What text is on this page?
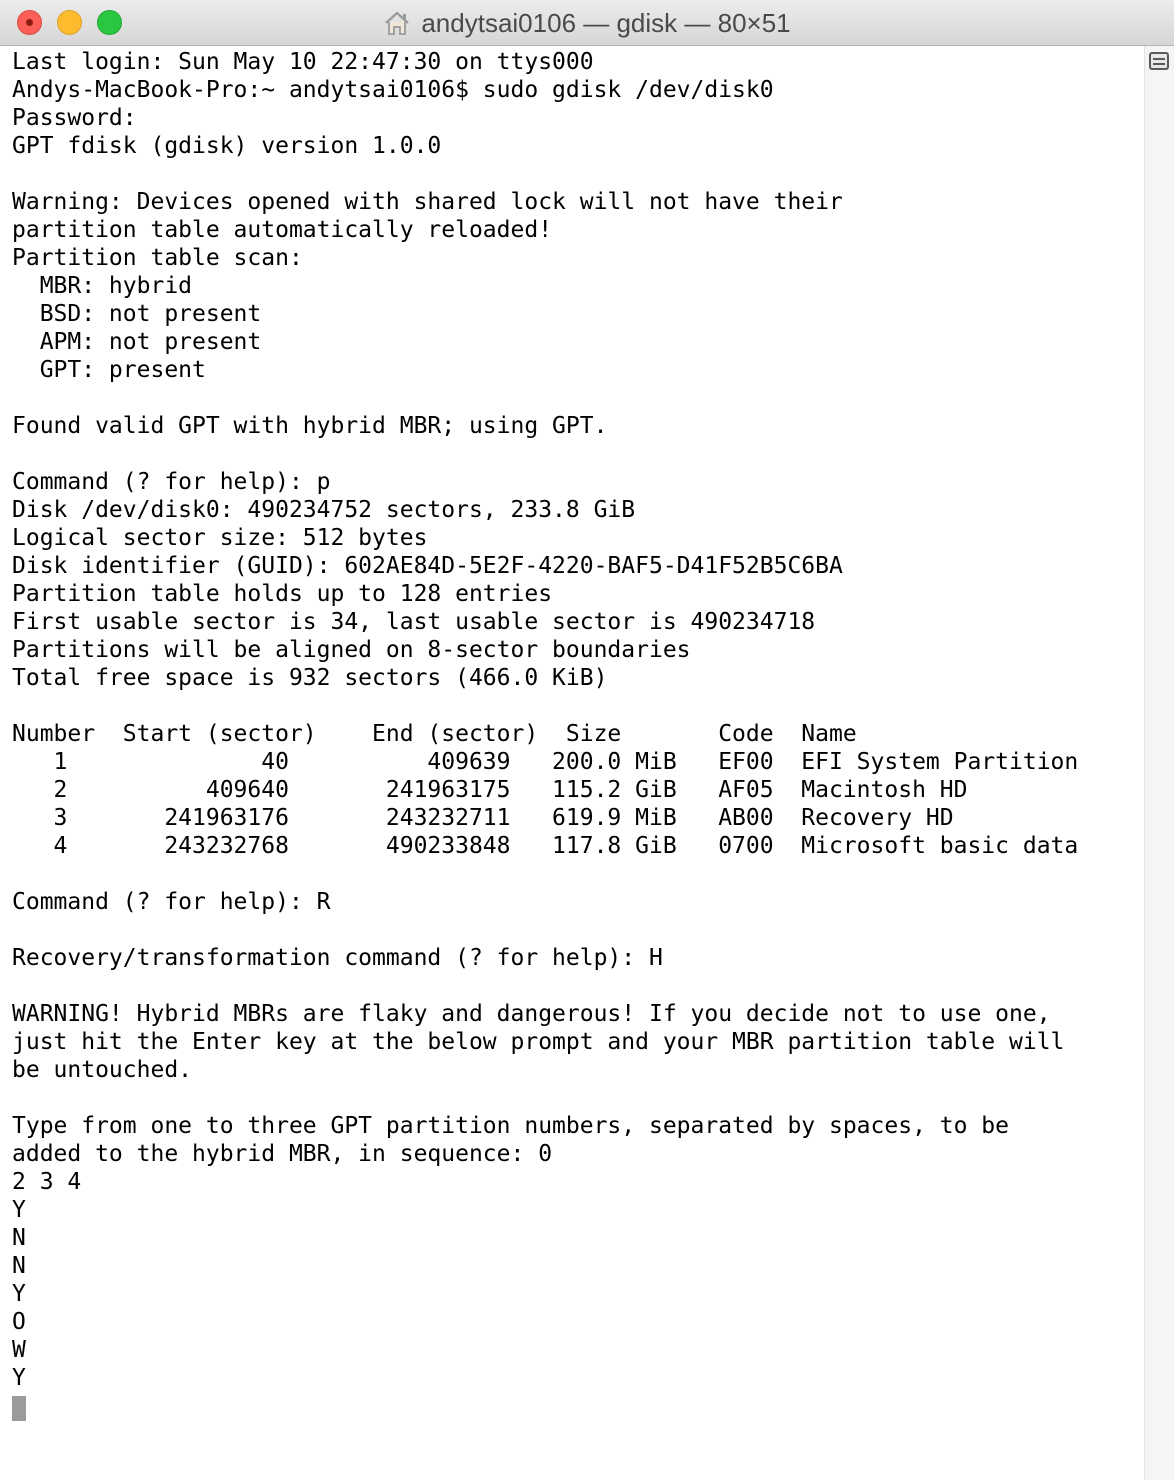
andytsai0106 — gdisk — 80×51
Last login: Sun May 10 22:47:30 on ttys000
Andys-MacBook-Pro:~ andytsai0106$ sudo gdisk /dev/disk0
Password:
GPT fdisk (gdisk) version 1.0.0
Warning: Devices opened with shared lock will not have their
partition table automatically reloaded!
Partition table scan:
MBR: hybrid
BSD: not present
APM: not present
GPT: present
Found valid GPT with hybrid MBR; using GPT.
Command (? for help): p
Disk /dev/disk0: 490234752 sectors, 233.8 GiB
Logical sector size: 512 bytes
Disk identifier (GUID): 602AE84D-5E2F-4220-BAF5-D41F52B5C6BA
Partition table holds up to 128 entries
First usable sector is 34, last usable sector is 490234718
Partitions will be aligned on 8-sector boundaries
Total free space is 932 sectors (466.0 KiB)
Number  Start (sector)    End (sector)  Size       Code  Name
1              40          409639   200.0 MiB   EF00  EFI System Partition
2          409640       241963175   115.2 GiB   AF05  Macintosh HD
3       241963176       243232711   619.9 MiB   AB00  Recovery HD
4       243232768       490233848   117.8 GiB   0700  Microsoft basic data
Command (? for help): R
Recovery/transformation command (? for help): H
WARNING! Hybrid MBRs are flaky and dangerous! If you decide not to use one,
just hit the Enter key at the below prompt and your MBR partition table will
be untouched.
Type from one to three GPT partition numbers, separated by spaces, to be
added to the hybrid MBR, in sequence: 0
2 3 4
Y
N
N
Y
O
W
Y
